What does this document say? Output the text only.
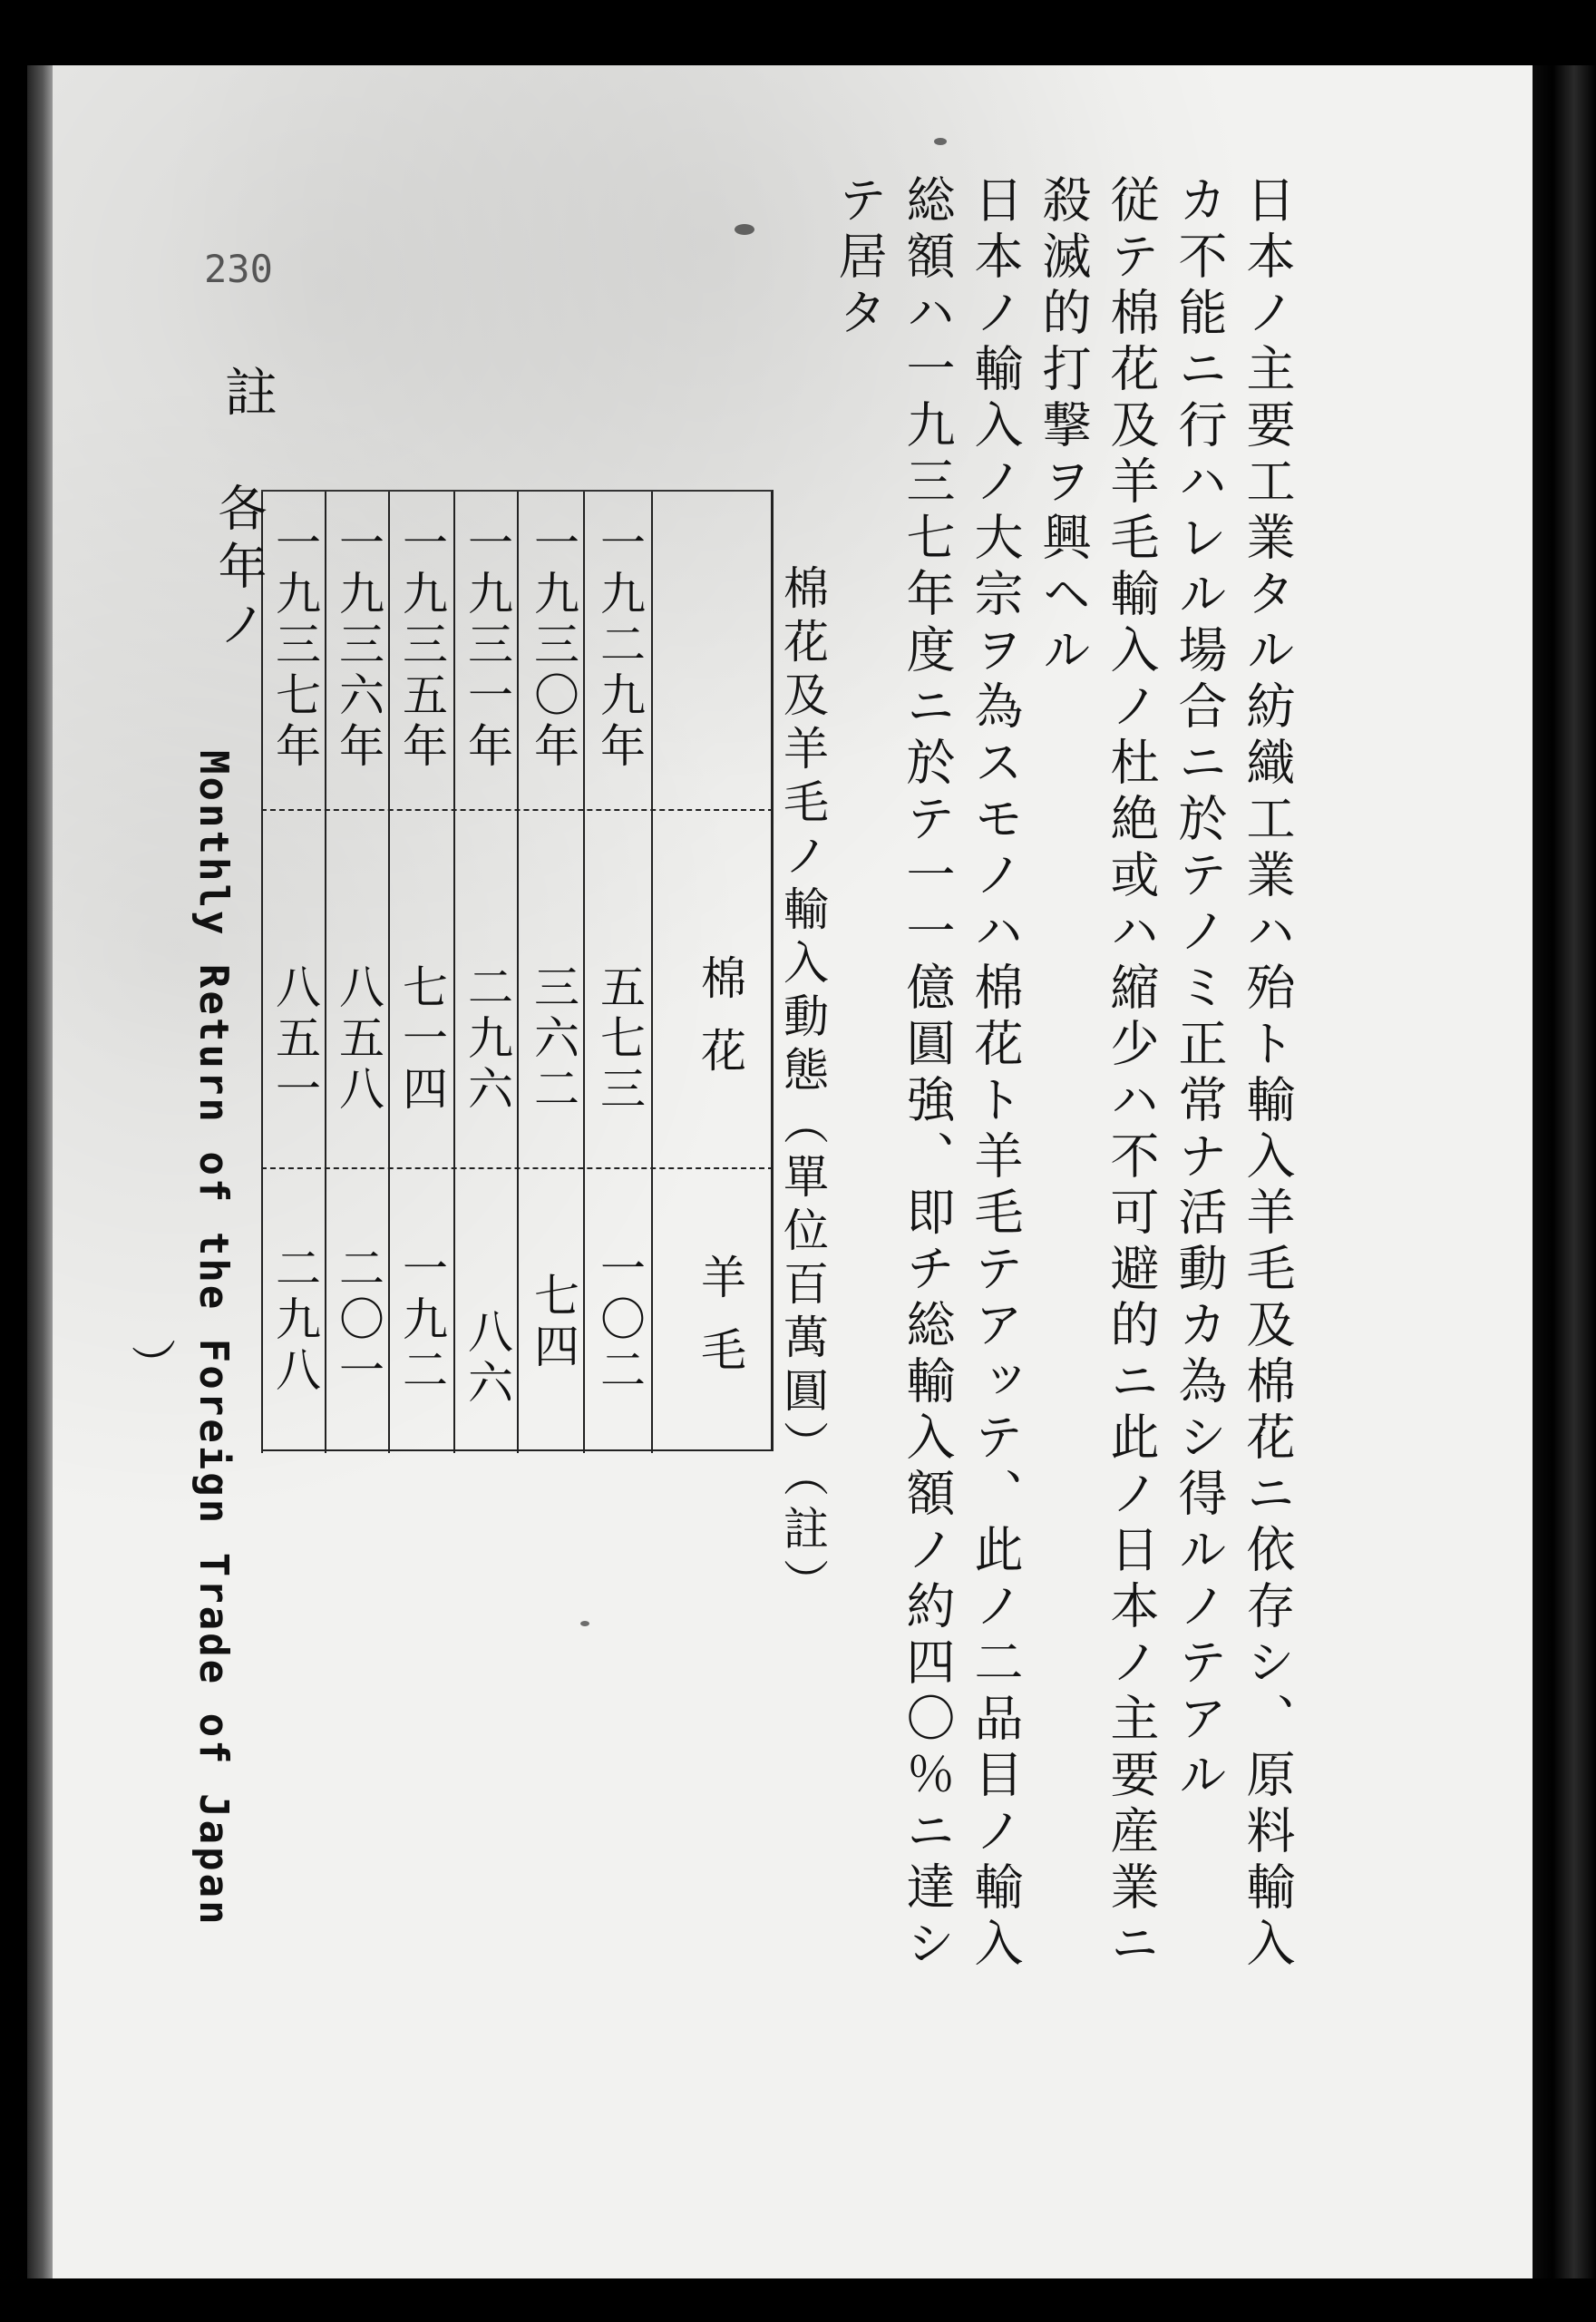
230	日本ノ主要工業タル紡織工業ハ殆ト輸入羊毛及棉花ニ依存シ、原料輸入
カ不能ニ行ハレル場合ニ於テノミ正常ナ活動カ為シ得ルノテアル
従テ棉花及羊毛輸入ノ杜絶或ハ縮少ハ不可避的ニ此ノ日本ノ主要産業ニ
殺滅的打撃ヲ興ヘル
日本ノ輸入ノ大宗ヲ為スモノハ棉花ト羊毛テアッテ、此ノ二品目ノ輸入
総額ハ一九三七年度ニ於テ一一億圓強、即チ総輸入額ノ約四〇％ニ達シ
テ居タ
棉花及羊毛ノ輸入動態（單位百萬圓）（註）
棉花
羊毛
一九二九年
五七三
一〇二
一九三〇年
三六二
七四
一九三一年
二九六
八六
一九三五年
七一四
一九二
一九三六年
八五八
二〇一
一九三七年
八五一
二九八
註
各年ノ
Monthly Return of the Foreign Trade of Japan
）
